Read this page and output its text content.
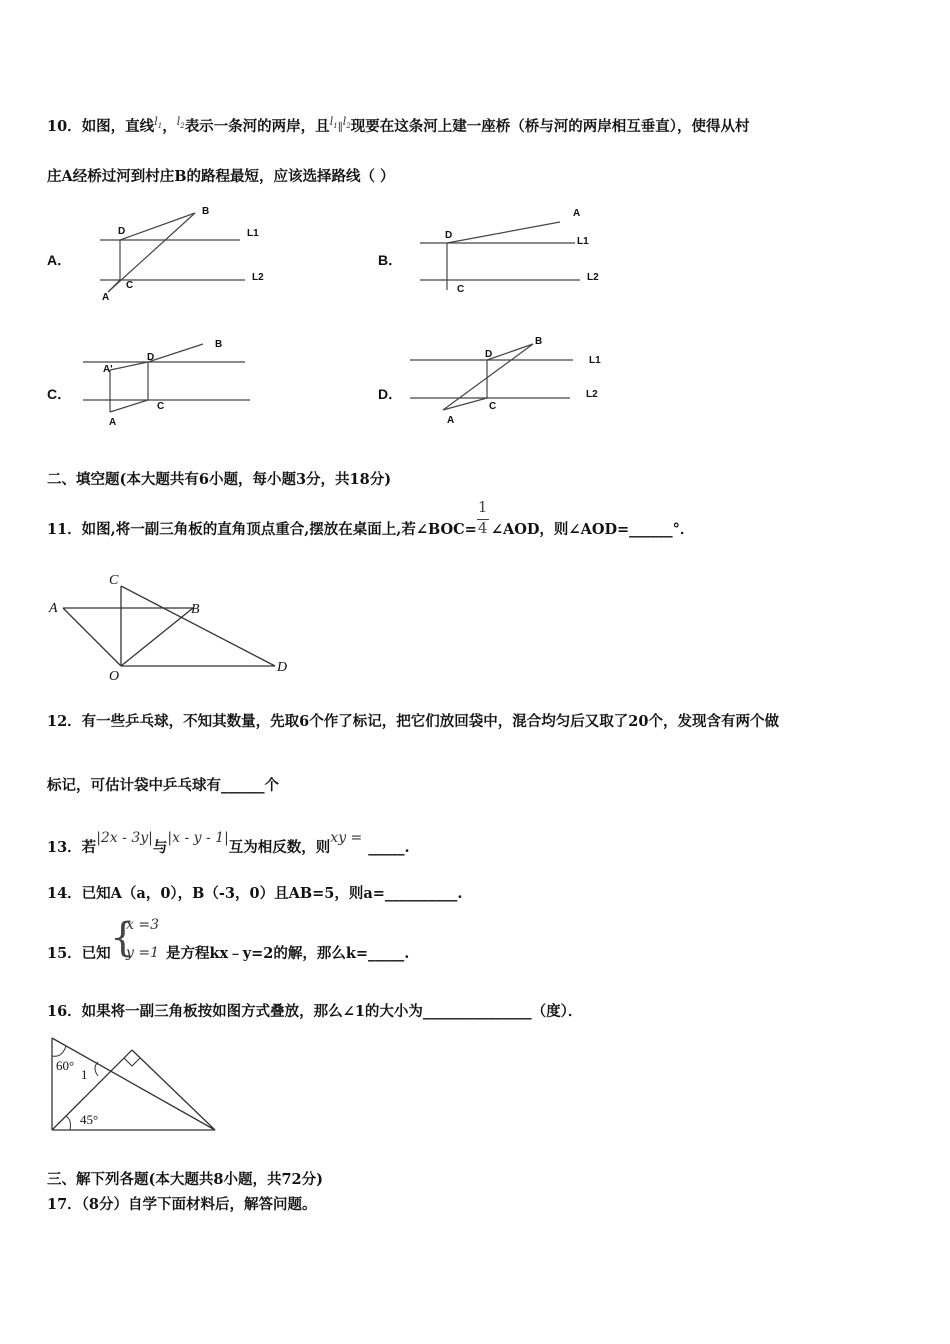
10．如图，直线$^{l_1}$，$^{l_2}$表示一条河的两岸，且$^{l_1}$∥$^{l_2}$现要在这条河上建一座桥（桥与河的两岸相互垂直），使得从村
庄A经桥过河到村庄B的路程最短，应该选择路线（ ）
A．
D
B
L1
L2
C
A
B．
D
A
L1
L2
C
C．
A'
D
B
C
A
D．
D
B
L1
L2
C
A
二、填空题(本大题共有6小题，每小题3分，共18分)
11．如图,将一副三角板的直角顶点重合,摆放在桌面上,若∠BOC= $\frac{1}{4}$ ∠AOD，则∠AOD=______°．
A
C
B
D
O
12．有一些乒乓球，不知其数量，先取6个作了标记，把它们放回袋中，混合均匀后又取了20个，发现含有两个做
标记，可估计袋中乒乓球有______个
13．若|2x - 3y|与|x - y - 1|互为相反数，则xy =_____.
14．已知A（a，0），B（-3，0）且AB=5，则a=__________.
15．已知 {
x =3
y =1 是方程kx﹣y=2的解，那么k=_____.
16．如果将一副三角板按如图方式叠放，那么∠1的大小为_______________（度）．
60°
1
45°
三、解下列各题(本大题共8小题，共72分)
17．（8分）自学下面材料后，解答问题。
